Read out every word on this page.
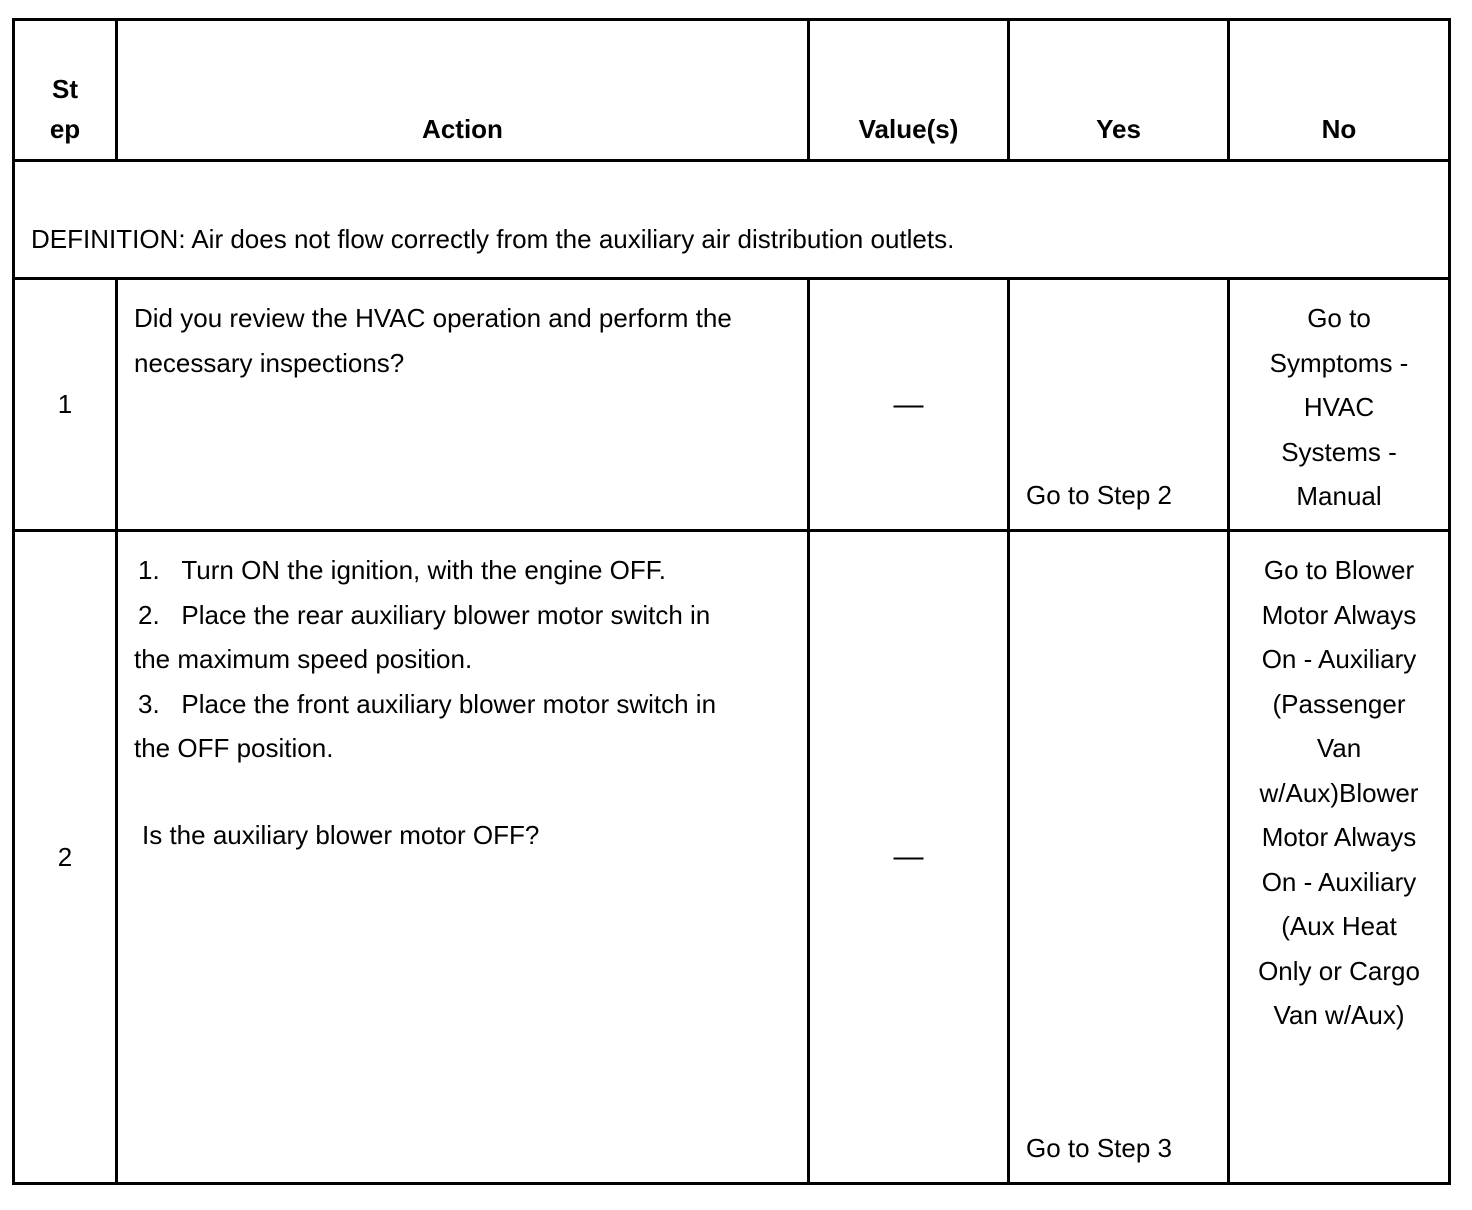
St
ep	Action	Value(s)	Yes	No
DEFINITION: Air does not flow correctly from the auxiliary air distribution outlets.				
1	Did you review the HVAC operation and perform the necessary inspections?	—	Go to Step 2	Go to Symptoms - HVAC Systems - Manual

2	1. Turn ON the ignition, with the engine OFF.
2. Place the rear auxiliary blower motor switch in the maximum speed position.
3. Place the front auxiliary blower motor switch in the OFF position.
Is the auxiliary blower motor OFF?	—	Go to Step 3	Go to Blower Motor Always On - Auxiliary (Passenger Van w/Aux)Blower Motor Always On - Auxiliary (Aux Heat Only or Cargo Van w/Aux)
